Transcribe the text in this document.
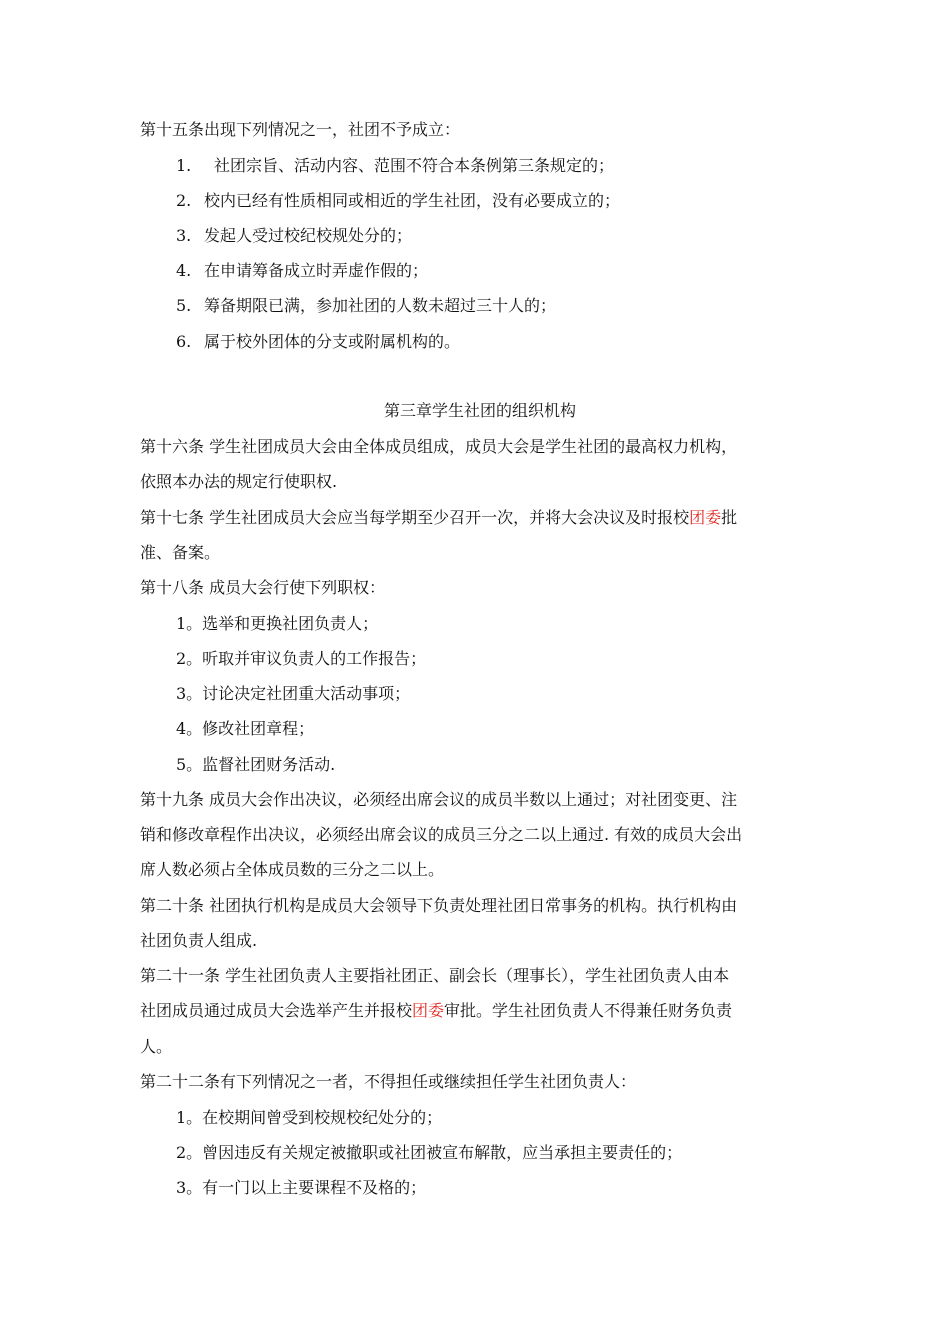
第十五条出现下列情况之一，社团不予成立：
1. 社团宗旨、活动内容、范围不符合本条例第三条规定的；
2. 校内已经有性质相同或相近的学生社团，没有必要成立的；
3. 发起人受过校纪校规处分的；
4. 在申请筹备成立时弄虚作假的；
5. 筹备期限已满，参加社团的人数未超过三十人的；
6. 属于校外团体的分支或附属机构的。
第三章学生社团的组织机构
第十六条 学生社团成员大会由全体成员组成，成员大会是学生社团的最高权力机构，
依照本办法的规定行使职权.
第十七条 学生社团成员大会应当每学期至少召开一次，并将大会决议及时报校团委批
准、备案。
第十八条 成员大会行使下列职权：
1。选举和更换社团负责人；
2。听取并审议负责人的工作报告；
3。讨论决定社团重大活动事项；
4。修改社团章程；
5。监督社团财务活动.
第十九条 成员大会作出决议，必须经出席会议的成员半数以上通过；对社团变更、注
销和修改章程作出决议，必须经出席会议的成员三分之二以上通过. 有效的成员大会出
席人数必须占全体成员数的三分之二以上。
第二十条 社团执行机构是成员大会领导下负责处理社团日常事务的机构。执行机构由
社团负责人组成.
第二十一条 学生社团负责人主要指社团正、副会长（理事长），学生社团负责人由本
社团成员通过成员大会选举产生并报校团委审批。学生社团负责人不得兼任财务负责
人。
第二十二条有下列情况之一者，不得担任或继续担任学生社团负责人：
1。在校期间曾受到校规校纪处分的；
2。曾因违反有关规定被撤职或社团被宣布解散，应当承担主要责任的；
3。有一门以上主要课程不及格的；
